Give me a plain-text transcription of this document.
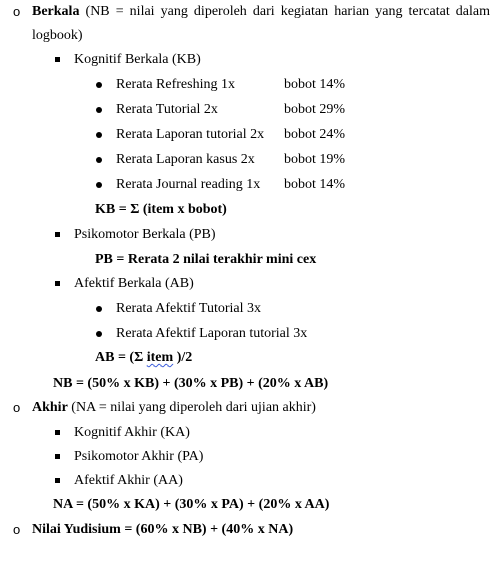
o Berkala (NB = nilai yang diperoleh dari kegiatan harian yang tercatat dalam
logbook)
Kognitif Berkala (KB)
Rerata Refreshing 1x	bobot 14%
Rerata Tutorial 2x	bobot 29%
Rerata Laporan tutorial 2x bobot 24%
Rerata Laporan kasus 2x bobot 19%
Rerata Journal reading 1x bobot 14%
KB = Σ (item x bobot)
Psikomotor Berkala (PB)
PB = Rerata 2 nilai terakhir mini cex
Afektif Berkala (AB)
Rerata Afektif Tutorial 3x
Rerata Afektif Laporan tutorial 3x
AB = (Σ item )/2
NB = (50% x KB) + (30% x PB) + (20% x AB)
o Akhir (NA = nilai yang diperoleh dari ujian akhir)
Kognitif Akhir (KA)
Psikomotor Akhir (PA)
Afektif Akhir (AA)
NA = (50% x KA) + (30% x PA) + (20% x AA)
o Nilai Yudisium = (60% x NB) + (40% x NA)
